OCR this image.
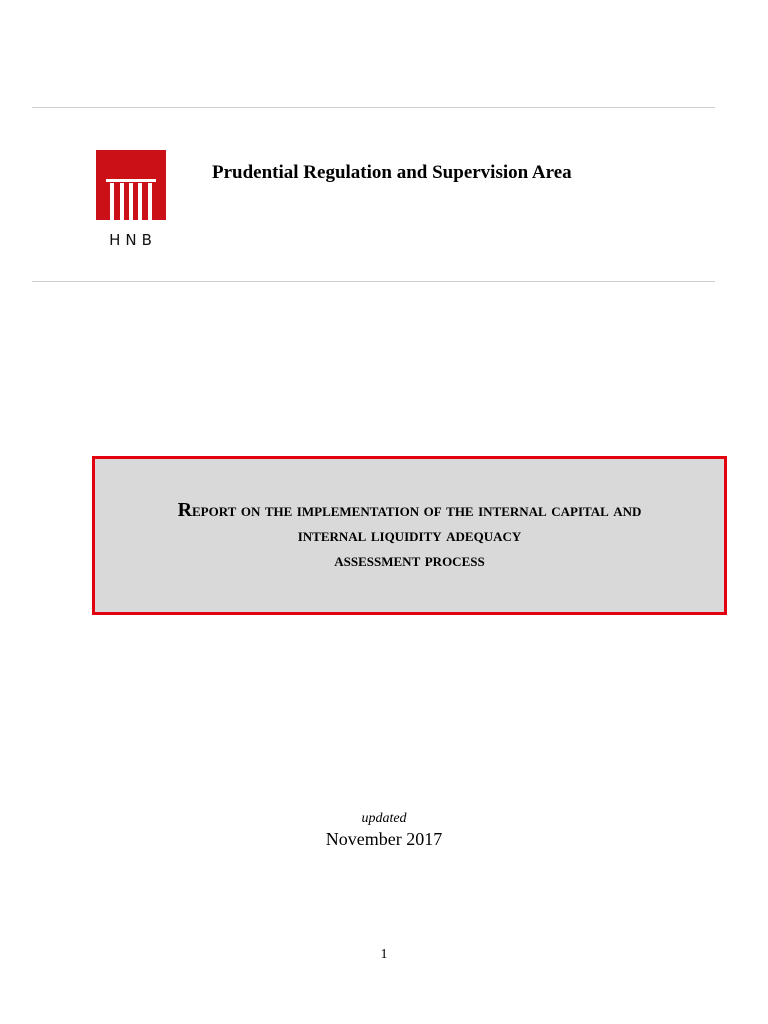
HNB
Prudential Regulation and Supervision Area
Report on the implementation of the internal capital and
internal liquidity adequacy
assessment process
updated
November 2017
1
